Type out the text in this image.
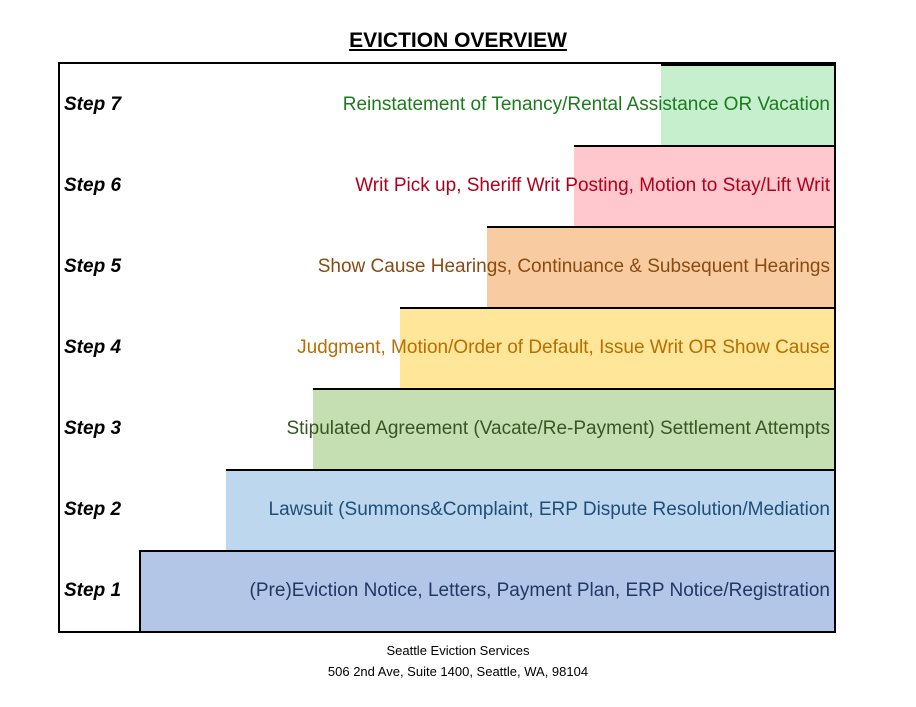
EVICTION OVERVIEW
Step 7	Reinstatement of Tenancy/Rental Assistance OR Vacation
Step 6	Writ Pick up, Sheriff Writ Posting, Motion to Stay/Lift Writ
Step 5	Show Cause Hearings, Continuance & Subsequent Hearings
Step 4	Judgment, Motion/Order of Default, Issue Writ OR Show Cause
Step 3	Stipulated Agreement (Vacate/Re-Payment) Settlement Attempts
Step 2	Lawsuit (Summons&Complaint, ERP Dispute Resolution/Mediation
Step 1	(Pre)Eviction Notice, Letters, Payment Plan, ERP Notice/Registration
Seattle Eviction Services
506 2nd Ave, Suite 1400, Seattle, WA, 98104
